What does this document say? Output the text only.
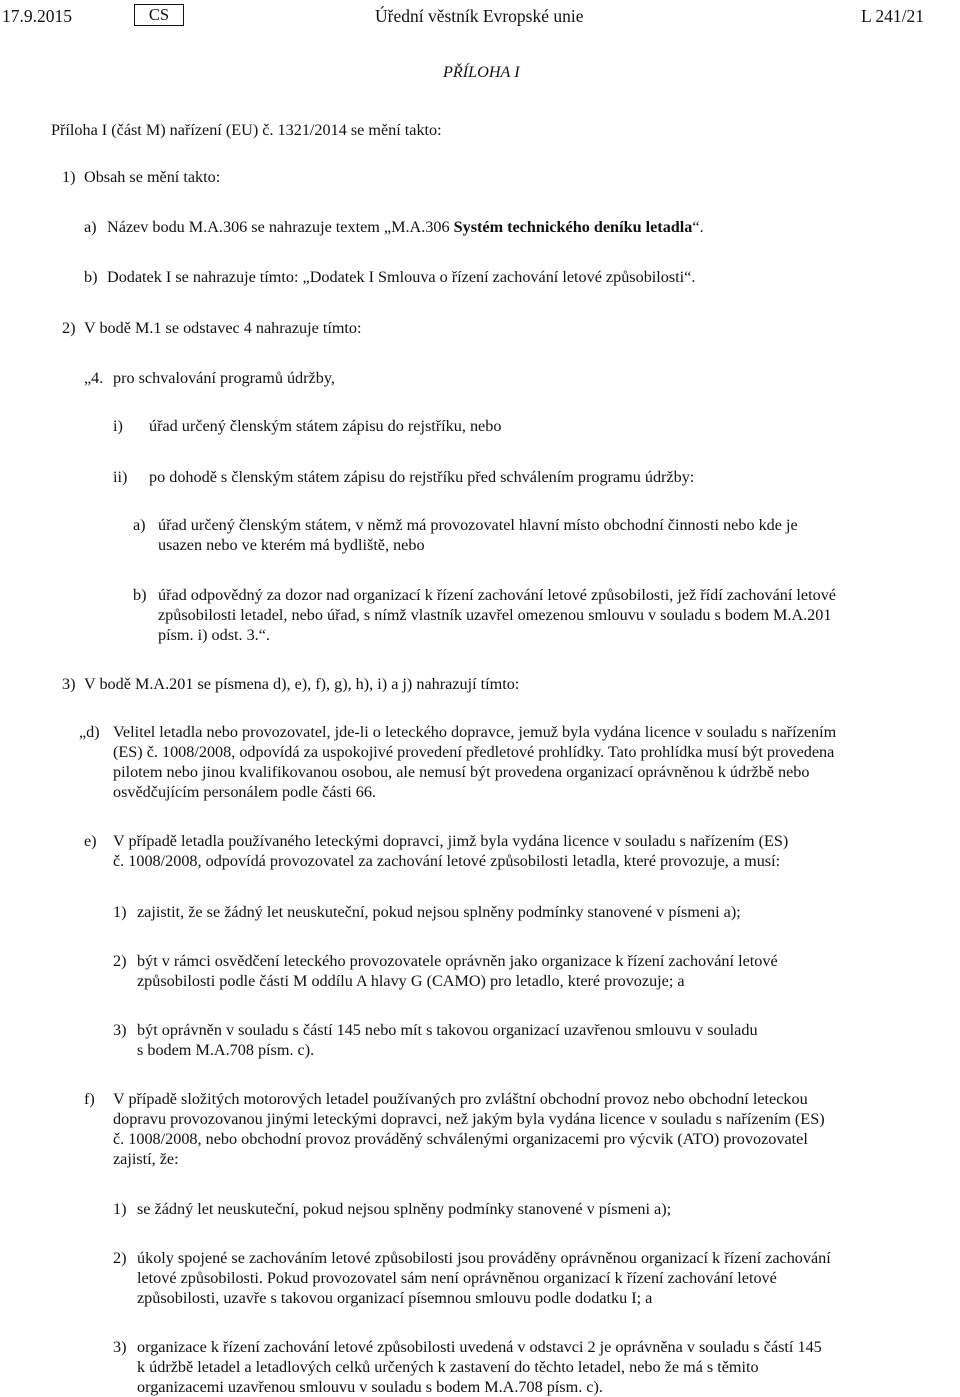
17.9.2015	CS	Úřední věstník Evropské unie	L 241/21
PŘÍLOHA I
Příloha I (část M) nařízení (EU) č. 1321/2014 se mění takto:
1) Obsah se mění takto:
a) Název bodu M.A.306 se nahrazuje textem „M.A.306 Systém technického deníku letadla“.
b) Dodatek I se nahrazuje tímto: „Dodatek I Smlouva o řízení zachování letové způsobilosti“.
2) V bodě M.1 se odstavec 4 nahrazuje tímto:
„4. pro schvalování programů údržby,
i) úřad určený členským státem zápisu do rejstříku, nebo
ii) po dohodě s členským státem zápisu do rejstříku před schválením programu údržby:
a) úřad určený členským státem, v němž má provozovatel hlavní místo obchodní činnosti nebo kde je
usazen nebo ve kterém má bydliště, nebo
b) úřad odpovědný za dozor nad organizací k řízení zachování letové způsobilosti, jež řídí zachování letové
způsobilosti letadel, nebo úřad, s nímž vlastník uzavřel omezenou smlouvu v souladu s bodem M.A.201
písm. i) odst. 3.“.
3) V bodě M.A.201 se písmena d), e), f), g), h), i) a j) nahrazují tímto:
„d) Velitel letadla nebo provozovatel, jde-li o leteckého dopravce, jemuž byla vydána licence v souladu s nařízením
(ES) č. 1008/2008, odpovídá za uspokojivé provedení předletové prohlídky. Tato prohlídka musí být provedena
pilotem nebo jinou kvalifikovanou osobou, ale nemusí být provedena organizací oprávněnou k údržbě nebo
osvědčujícím personálem podle části 66.
e) V případě letadla používaného leteckými dopravci, jimž byla vydána licence v souladu s nařízením (ES)
č. 1008/2008, odpovídá provozovatel za zachování letové způsobilosti letadla, které provozuje, a musí:
1) zajistit, že se žádný let neuskuteční, pokud nejsou splněny podmínky stanovené v písmeni a);
2) být v rámci osvědčení leteckého provozovatele oprávněn jako organizace k řízení zachování letové
způsobilosti podle části M oddílu A hlavy G (CAMO) pro letadlo, které provozuje; a
3) být oprávněn v souladu s částí 145 nebo mít s takovou organizací uzavřenou smlouvu v souladu
s bodem M.A.708 písm. c).
f) V případě složitých motorových letadel používaných pro zvláštní obchodní provoz nebo obchodní leteckou
dopravu provozovanou jinými leteckými dopravci, než jakým byla vydána licence v souladu s nařízením (ES)
č. 1008/2008, nebo obchodní provoz prováděný schválenými organizacemi pro výcvik (ATO) provozovatel
zajistí, že:
1) se žádný let neuskuteční, pokud nejsou splněny podmínky stanovené v písmeni a);
2) úkoly spojené se zachováním letové způsobilosti jsou prováděny oprávněnou organizací k řízení zachování
letové způsobilosti. Pokud provozovatel sám není oprávněnou organizací k řízení zachování letové
způsobilosti, uzavře s takovou organizací písemnou smlouvu podle dodatku I; a
3) organizace k řízení zachování letové způsobilosti uvedená v odstavci 2 je oprávněna v souladu s částí 145
k údržbě letadel a letadlových celků určených k zastavení do těchto letadel, nebo že má s těmito
organizacemi uzavřenou smlouvu v souladu s bodem M.A.708 písm. c).
